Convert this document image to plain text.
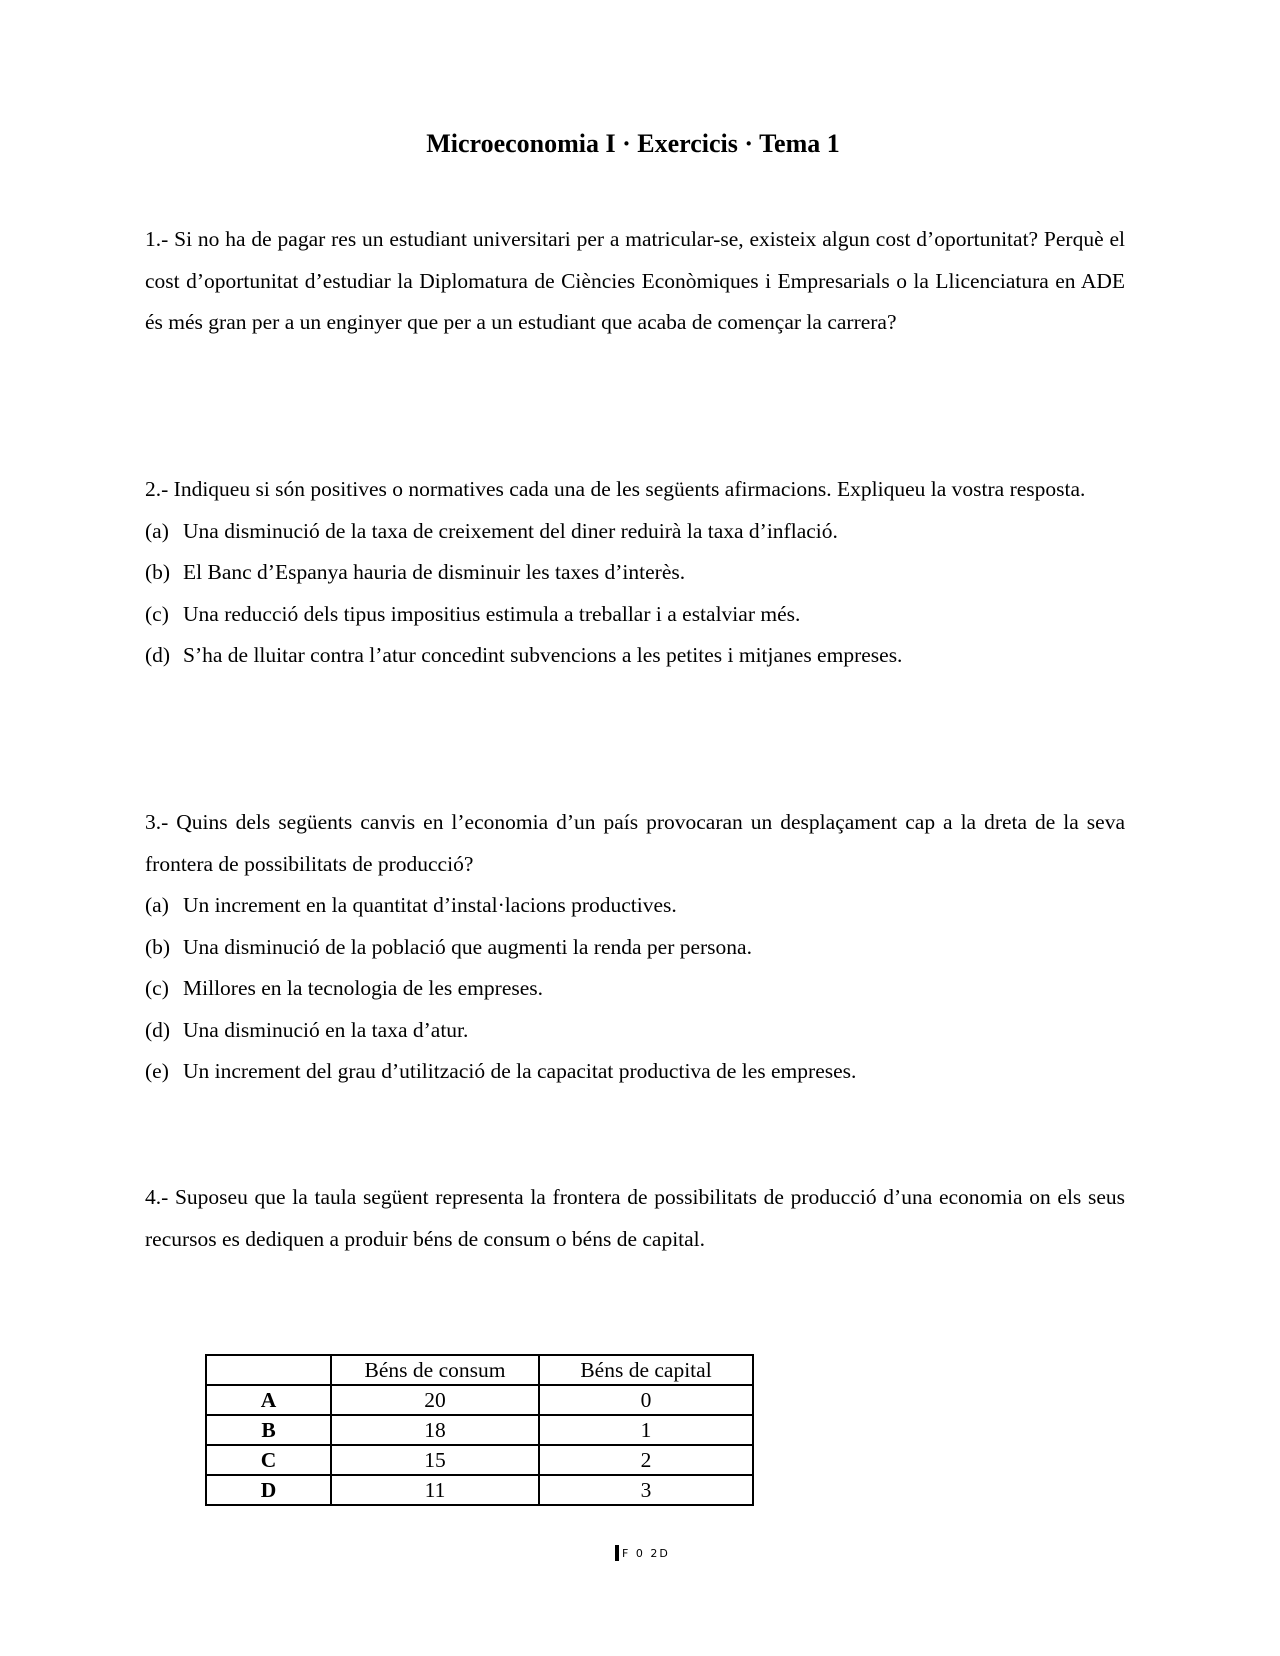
Microeconomia I · Exercicis · Tema 1

1.- Si no ha de pagar res un estudiant universitari per a matricular-se, existeix algun cost d’oportunitat? Perquè el cost d’oportunitat d’estudiar la Diplomatura de Ciències Econòmiques i Empresarials o la Llicenciatura en ADE és més gran per a un enginyer que per a un estudiant que acaba de començar la carrera?

2.- Indiqueu si són positives o normatives cada una de les següents afirmacions. Expliqueu la vostra resposta.

(a) Una disminució de la taxa de creixement del diner reduirà la taxa d’inflació.
(b) El Banc d’Espanya hauria de disminuir les taxes d’interès.
(c) Una reducció dels tipus impositius estimula a treballar i a estalviar més.
(d) S’ha de lluitar contra l’atur concedint subvencions a les petites i mitjanes empreses.

3.- Quins dels següents canvis en l’economia d’un país provocaran un desplaçament cap a la dreta de la seva frontera de possibilitats de producció?

(a) Un increment en la quantitat d’instal·lacions productives.
(b) Una disminució de la població que augmenti la renda per persona.
(c) Millores en la tecnologia de les empreses.
(d) Una disminució en la taxa d’atur.
(e) Un increment del grau d’utilització de la capacitat productiva de les empreses.

4.- Suposeu que la taula següent representa la frontera de possibilitats de producció d’una economia on els seus recursos es dediquen a produir béns de consum o béns de capital.

	Béns de consum	Béns de capital
A	20	0
B	18	1
C	15	2
D	11	3
F 0 2D
